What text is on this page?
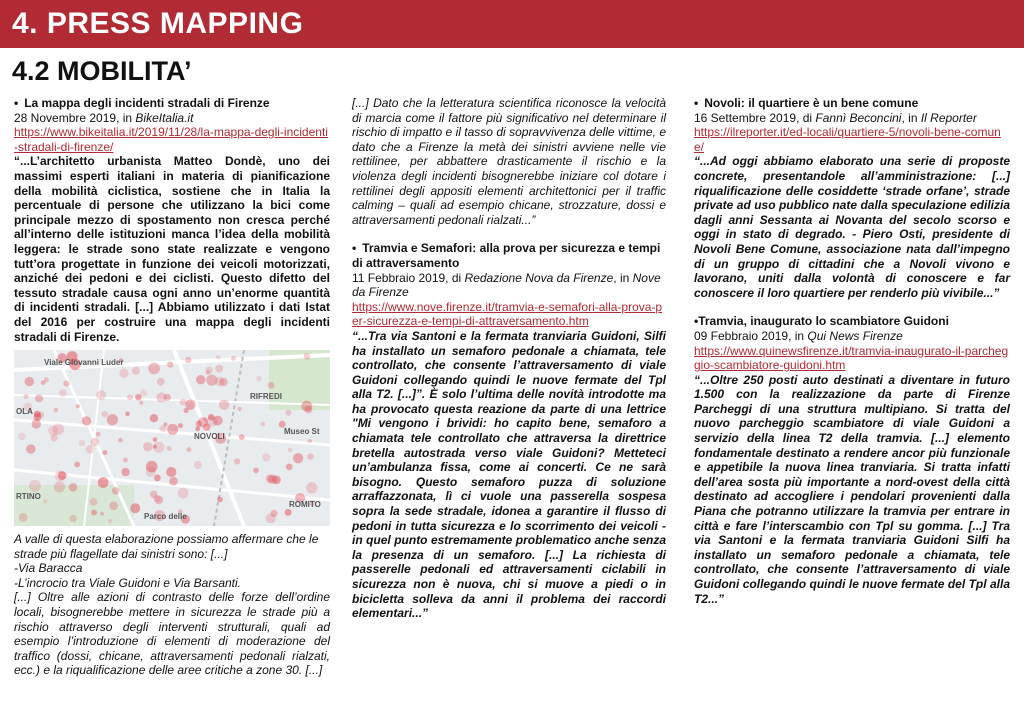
4. PRESS MAPPING
4.2 MOBILITA’

• La mappa degli incidenti stradali di Firenze

28 Novembre 2019, in BikeItalia.it

https://www.bikeitalia.it/2019/11/28/la-mappa-degli-incidenti-stradali-di-firenze/

“...L’architetto urbanista Matteo Dondè, uno dei massimi esperti italiani in materia di pianificazione della mobilità ciclistica, sostiene che in Italia la percentuale di persone che utilizzano la bici come principale mezzo di spostamento non cresca perché all’interno delle istituzioni manca l’idea della mobilità leggera: le strade sono state realizzate e vengono tutt’ora progettate in funzione dei veicoli motorizzati, anziché dei pedoni e dei ciclisti. Questo difetto del tessuto stradale causa ogni anno un’enorme quantità di incidenti stradali. [...] Abbiamo utilizzato i dati Istat del 2016 per costruire una mappa degli incidenti stradali di Firenze.

Viale Giovanni Luder
RIFREDI
NOVOLI
Museo St
OLA
RTINO
ROMITO
Parco delle

A valle di questa elaborazione possiamo affermare che le strade più flagellate dai sinistri sono: [...]

-Via Baracca

-L’incrocio tra Viale Guidoni e Via Barsanti.

[...] Oltre alle azioni di contrasto delle forze dell’ordine locali, bisognerebbe mettere in sicurezza le strade più a rischio attraverso degli interventi strutturali, quali ad esempio l’introduzione di elementi di moderazione del traffico (dossi, chicane, attraversamenti pedonali rialzati, ecc.) e la riqualificazione delle aree critiche a zone 30. [...]

[...] Dato che la letteratura scientifica riconosce la velocità di marcia come il fattore più significativo nel determinare il rischio di impatto e il tasso di sopravvivenza delle vittime, e dato che a Firenze la metà dei sinistri avviene nelle vie rettilinee, per abbattere drasticamente il rischio e la violenza degli incidenti bisognerebbe iniziare col dotare i rettilinei degli appositi elementi architettonici per il traffic calming – quali ad esempio chicane, strozzature, dossi e attraversamenti pedonali rialzati...”

• Tramvia e Semafori: alla prova per sicurezza e tempi di attraversamento

11 Febbraio 2019, di Redazione Nova da Firenze, in Nove da Firenze

https://www.nove.firenze.it/tramvia-e-semafori-alla-prova-per-sicurezza-e-tempi-di-attraversamento.htm

“...Tra via Santoni e la fermata tranviaria Guidoni, Silfi ha installato un semaforo pedonale a chiamata, tele controllato, che consente l’attraversamento di viale Guidoni collegando quindi le nuove fermate del Tpl alla T2. [...]”. È solo l’ultima delle novità introdotte ma ha provocato questa reazione da parte di una lettrice "Mi vengono i brividi: ho capito bene, semaforo a chiamata tele controllato che attraversa la direttrice bretella autostrada verso viale Guidoni? Metteteci un’ambulanza fissa, come ai concerti. Ce ne sarà bisogno. Questo semaforo puzza di soluzione arraffazzonata, lì ci vuole una passerella sospesa sopra la sede stradale, idonea a garantire il flusso di pedoni in tutta sicurezza e lo scorrimento dei veicoli - in quel punto estremamente problematico anche senza la presenza di un semaforo. [...] La richiesta di passerelle pedonali ed attraversamenti ciclabili in sicurezza non è nuova, chi si muove a piedi o in bicicletta solleva da anni il problema dei raccordi elementari...”

• Novoli: il quartiere è un bene comune

16 Settembre 2019, di Fannì Beconcini, in Il Reporter

https://ilreporter.it/ed-locali/quartiere-5/novoli-bene-comune/

“...Ad oggi abbiamo elaborato una serie di proposte concrete, presentandole all’amministrazione: [...] riqualificazione delle cosiddette ‘strade orfane’, strade private ad uso pubblico nate dalla speculazione edilizia dagli anni Sessanta ai Novanta del secolo scorso e oggi in stato di degrado. - Piero Osti, presidente di Novoli Bene Comune, associazione nata dall’impegno di un gruppo di cittadini che a Novoli vivono e lavorano, uniti dalla volontà di conoscere e far conoscere il loro quartiere per renderlo più vivibile...”

•Tramvia, inaugurato lo scambiatore Guidoni

09 Febbraio 2019, in Qui News Firenze

https://www.quinewsfirenze.it/tramvia-inaugurato-il-parcheggio-scambiatore-guidoni.htm

“...Oltre 250 posti auto destinati a diventare in futuro 1.500 con la realizzazione da parte di Firenze Parcheggi di una struttura multipiano. Si tratta del nuovo parcheggio scambiatore di viale Guidoni a servizio della linea T2 della tramvia. [...] elemento fondamentale destinato a rendere ancor più funzionale e appetibile la nuova linea tranviaria. Si tratta infatti dell’area sosta più importante a nord-ovest della città destinato ad accogliere i pendolari provenienti dalla Piana che potranno utilizzare la tramvia per entrare in città e fare l’interscambio con Tpl su gomma. [...] Tra via Santoni e la fermata tranviaria Guidoni Silfi ha installato un semaforo pedonale a chiamata, tele controllato, che consente l’attraversamento di viale Guidoni collegando quindi le nuove fermate del Tpl alla T2...”
